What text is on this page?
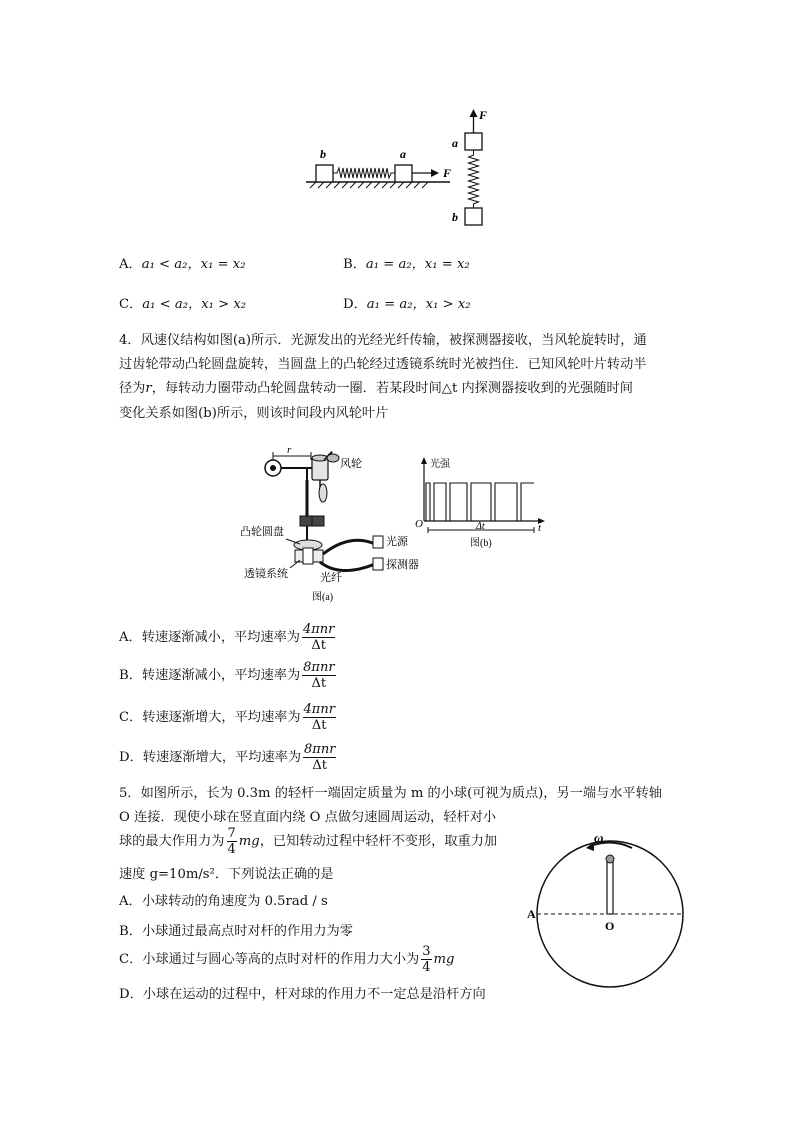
b	a
F
F
a
b
A．a₁ < a₂，x₁ = x₂	B．a₁ = a₂，x₁ = x₂
C．a₁ < a₂，x₁ > x₂	D．a₁ = a₂，x₁ > x₂
4．风速仪结构如图(a)所示．光源发出的光经光纤传输，被探测器接收，当风轮旋转时，通
过齿轮带动凸轮圆盘旋转，当圆盘上的凸轮经过透镜系统时光被挡住．已知风轮叶片转动半
径为r，每转动力圈带动凸轮圆盘转动一圈．若某段时间△t 内探测器接收到的光强随时间
变化关系如图(b)所示，则该时间段内风轮叶片
r
风轮
凸轮圆盘
光源
探测器
透镜系统	光纤
图(a)
光强
O	t
Δt
图(b)
A．转速逐渐减小，平均速率为 $\frac{\text{4πnr}}{\Delta t}$
B．转速逐渐减小，平均速率为 $\frac{\text{8πnr}}{\Delta t}$
C．转速逐渐增大，平均速率为 $\frac{\text{4πnr}}{\Delta t}$
D．转速逐渐增大，平均速率为 $\frac{\text{8πnr}}{\Delta t}$
5．如图所示，长为 0.3m 的轻杆一端固定质量为 m 的小球(可视为质点)，另一端与水平转轴
O 连接．现使小球在竖直面内绕 O 点做匀速圆周运动，轻杆对小
球的最大作用力为 $\frac{7}{4}$ mg，已知转动过程中轻杆不变形，取重力加
速度 g=10m/s²．下列说法正确的是
A．小球转动的角速度为 0.5rad / s
B．小球通过最高点时对杆的作用力为零
C．小球通过与圆心等高的点时对杆的作用力大小为 $\frac{3}{4}$ mg
D．小球在运动的过程中，杆对球的作用力不一定总是沿杆方向
ω
A
O
